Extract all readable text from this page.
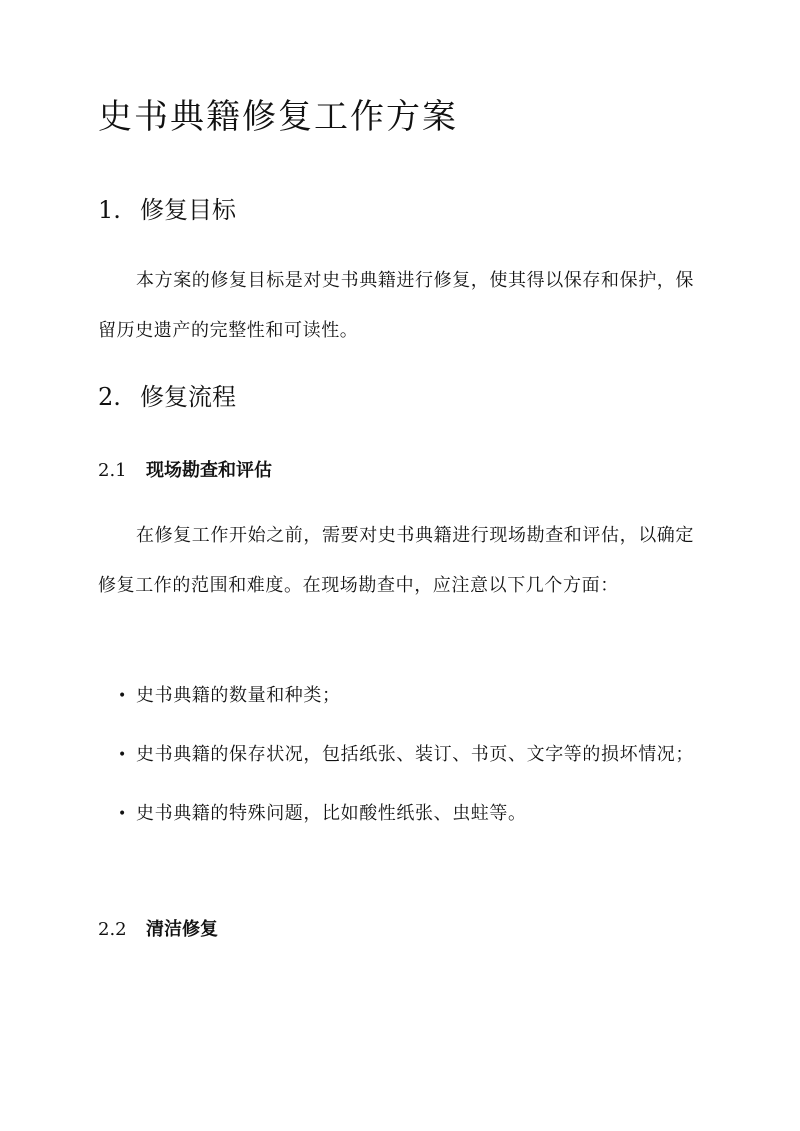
史书典籍修复工作方案
1. 修复目标

本方案的修复目标是对史书典籍进行修复，使其得以保存和保护，保留历史遗产的完整性和可读性。

2. 修复流程
2.1 现场勘查和评估

在修复工作开始之前，需要对史书典籍进行现场勘查和评估，以确定修复工作的范围和难度。在现场勘查中，应注意以下几个方面：

• 史书典籍的数量和种类；
• 史书典籍的保存状况，包括纸张、装订、书页、文字等的损坏情况；
• 史书典籍的特殊问题，比如酸性纸张、虫蛀等。
2.2 清洁修复
